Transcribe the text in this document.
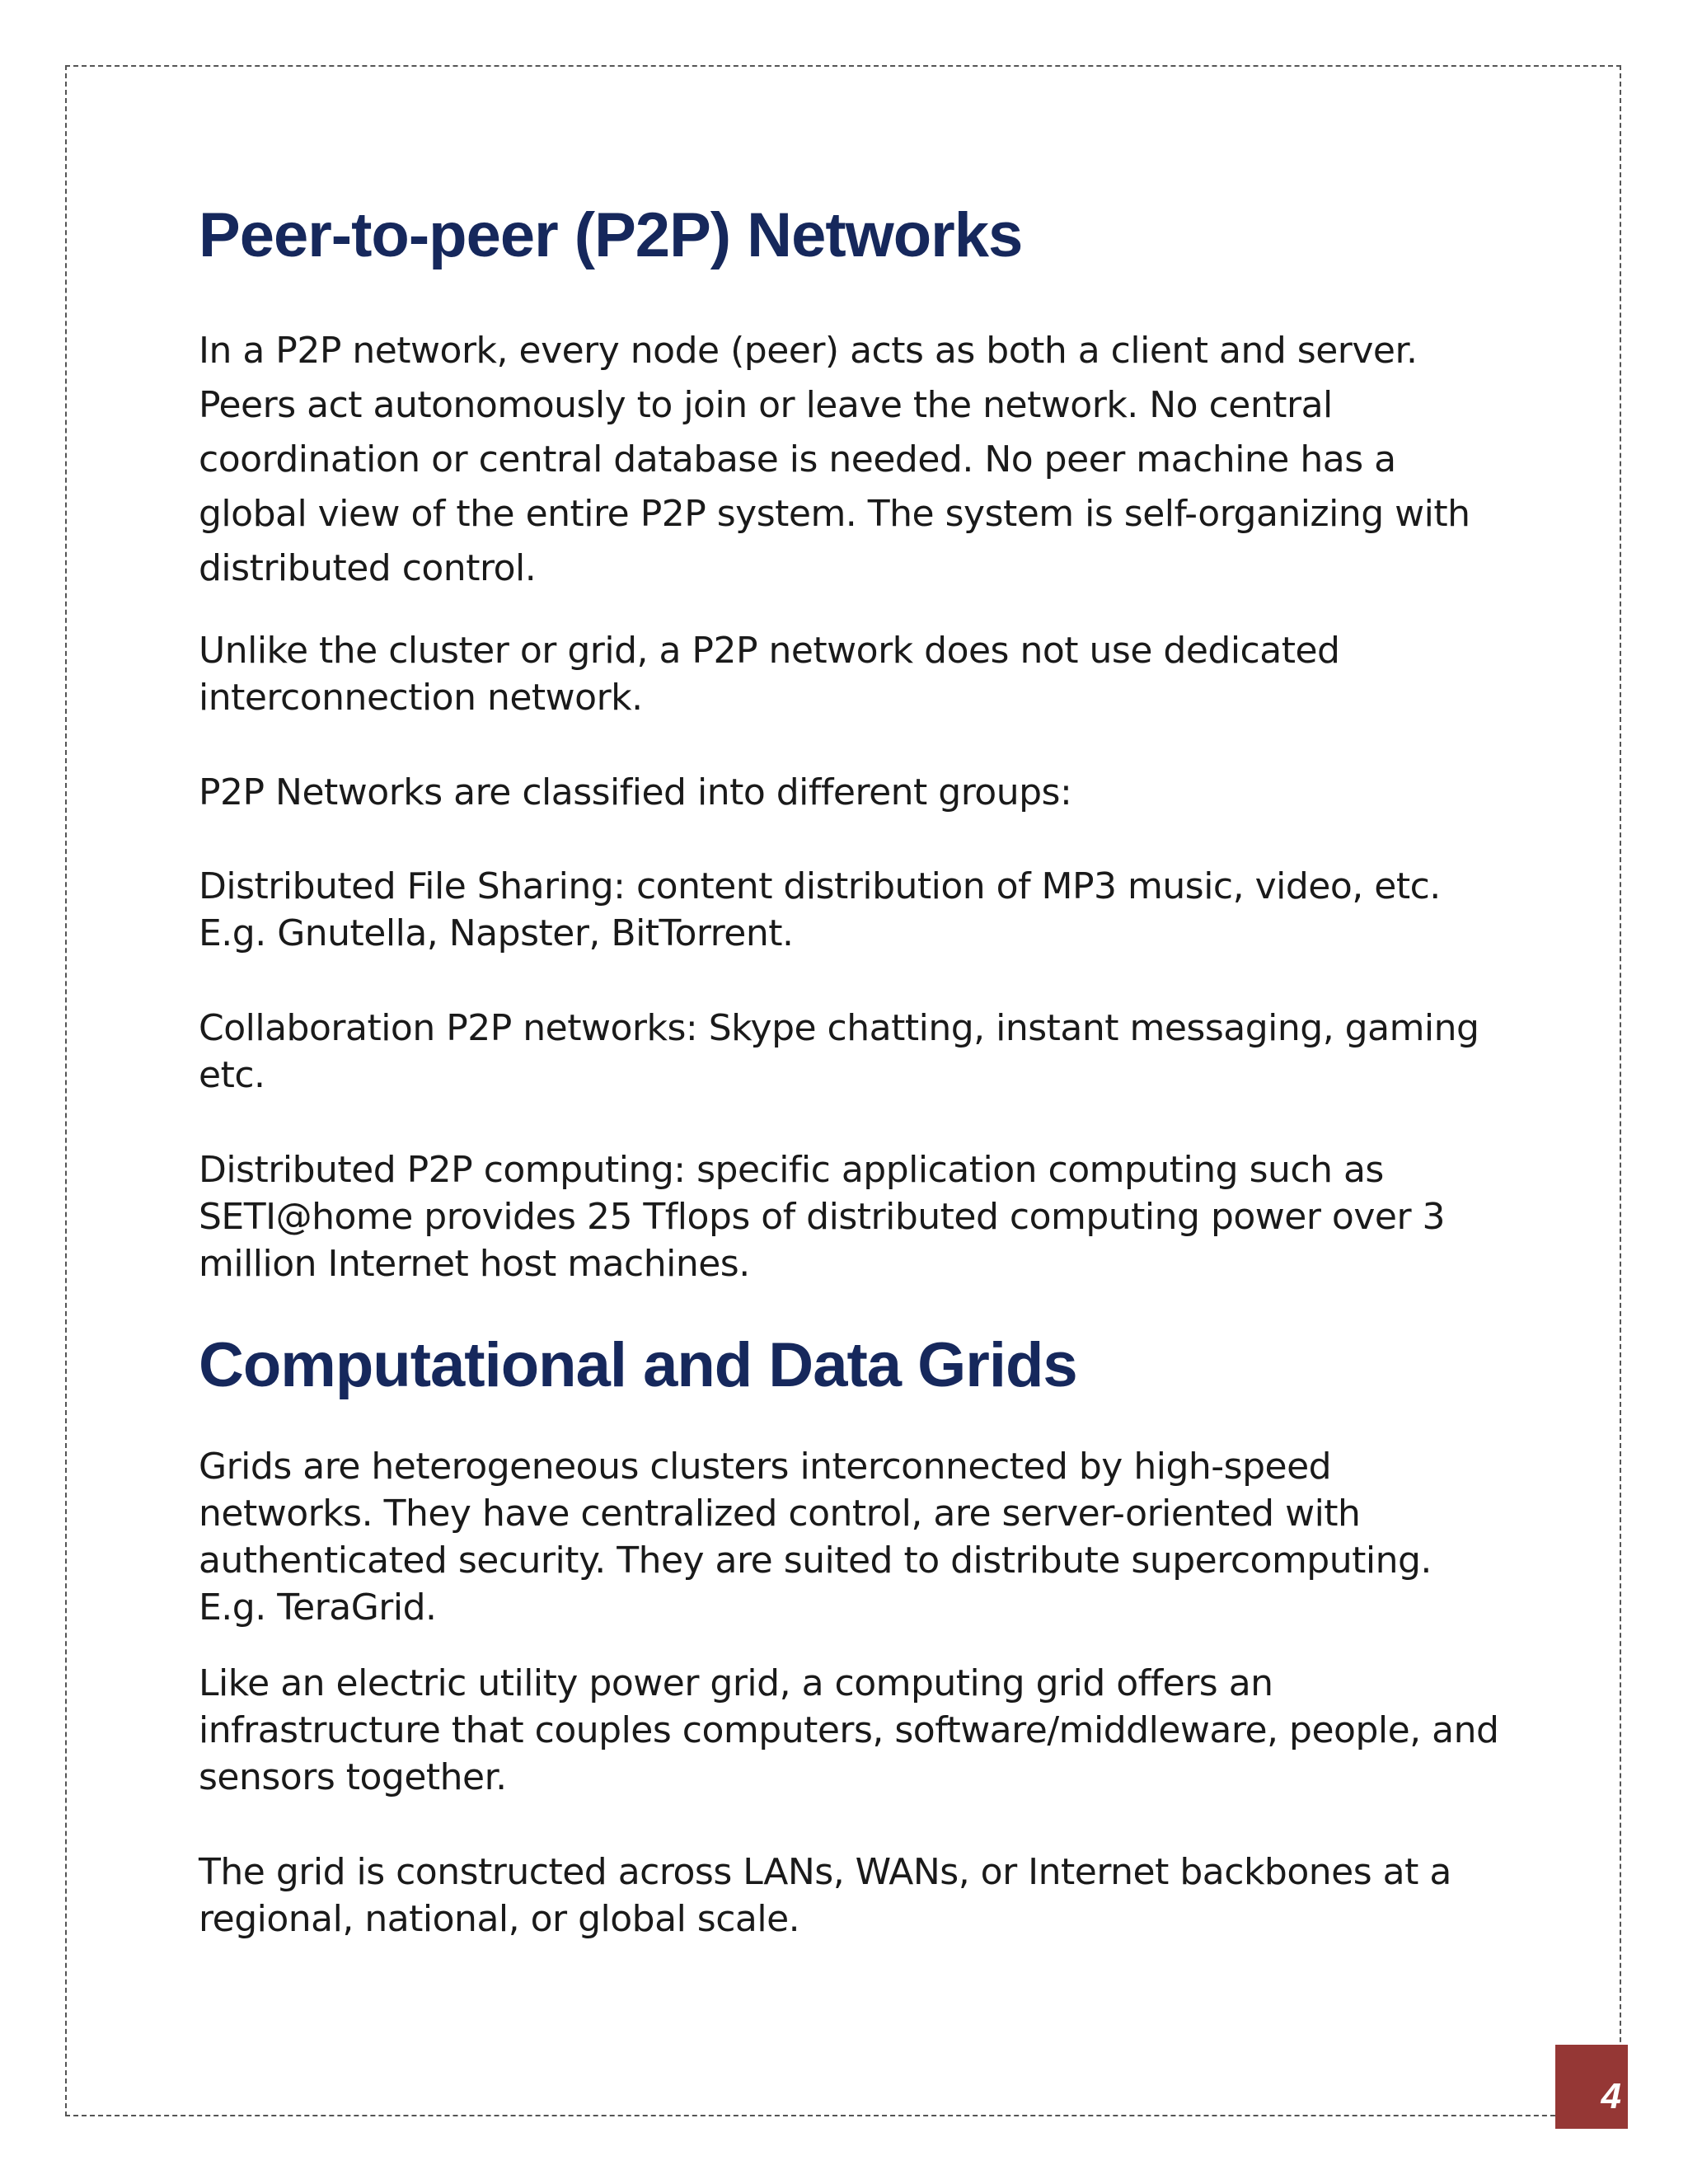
Peer-to-peer (P2P) Networks

In a P2P network, every node (peer) acts as both a client and server. Peers act autonomously to join or leave the network. No central coordination or central database is needed. No peer machine has a global view of the entire P2P system. The system is self-organizing with distributed control.

Unlike the cluster or grid, a P2P network does not use dedicated interconnection network.

P2P Networks are classified into different groups:

Distributed File Sharing: content distribution of MP3 music, video, etc. E.g. Gnutella, Napster, BitTorrent.

Collaboration P2P networks: Skype chatting, instant messaging, gaming etc.

Distributed P2P computing: specific application computing such as SETI@home provides 25 Tflops of distributed computing power over 3 million Internet host machines.

Computational and Data Grids

Grids are heterogeneous clusters interconnected by high-speed networks. They have centralized control, are server-oriented with authenticated security. They are suited to distribute supercomputing. E.g. TeraGrid.

Like an electric utility power grid, a computing grid offers an infrastructure that couples computers, software/middleware, people, and sensors together.

The grid is constructed across LANs, WANs, or Internet backbones at a regional, national, or global scale.

4
